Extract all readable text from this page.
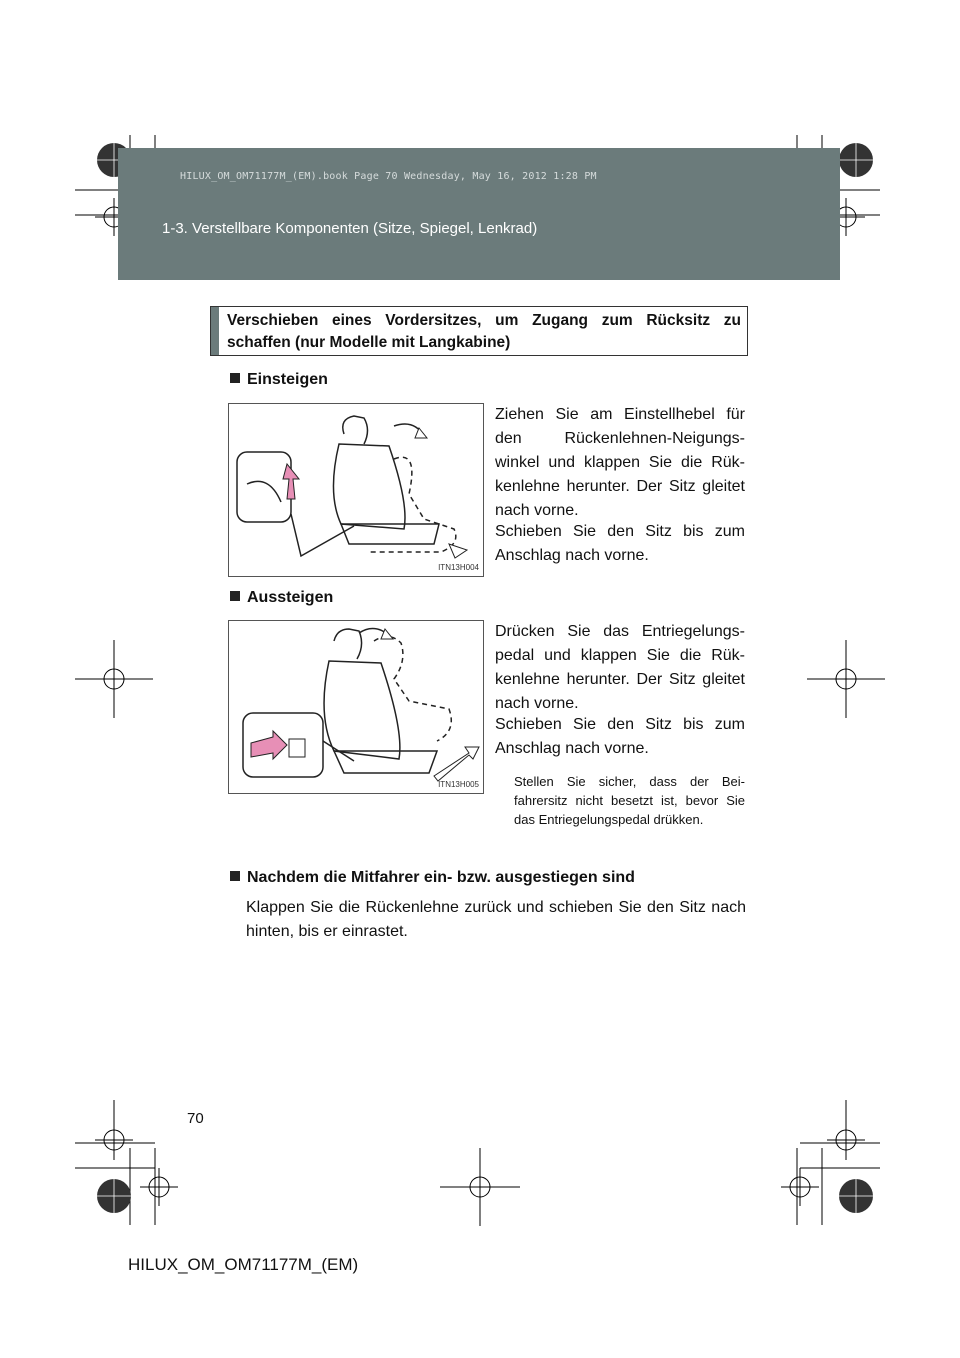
HILUX_OM_OM71177M_(EM).book Page 70 Wednesday, May 16, 2012 1:28 PM
1-3. Verstellbare Komponenten (Sitze, Spiegel, Lenkrad)
Verschieben eines Vordersitzes, um Zugang zum Rücksitz zu schaffen (nur Modelle mit Langkabine)
Einsteigen
ITN13H004
Ziehen Sie am Einstellhebel für den Rückenlehnen-Neigungswinkel und klappen Sie die Rükkenlehne herunter. Der Sitz gleitet nach vorne.
Schieben Sie den Sitz bis zum Anschlag nach vorne.
Aussteigen
ITN13H005
Drücken Sie das Entriegelungspedal und klappen Sie die Rükkenlehne herunter. Der Sitz gleitet nach vorne.
Schieben Sie den Sitz bis zum Anschlag nach vorne.
Stellen Sie sicher, dass der Beifahrersitz nicht besetzt ist, bevor Sie das Entriegelungspedal drükken.
Nachdem die Mitfahrer ein- bzw. ausgestiegen sind
Klappen Sie die Rückenlehne zurück und schieben Sie den Sitz nach hinten, bis er einrastet.
70
HILUX_OM_OM71177M_(EM)
